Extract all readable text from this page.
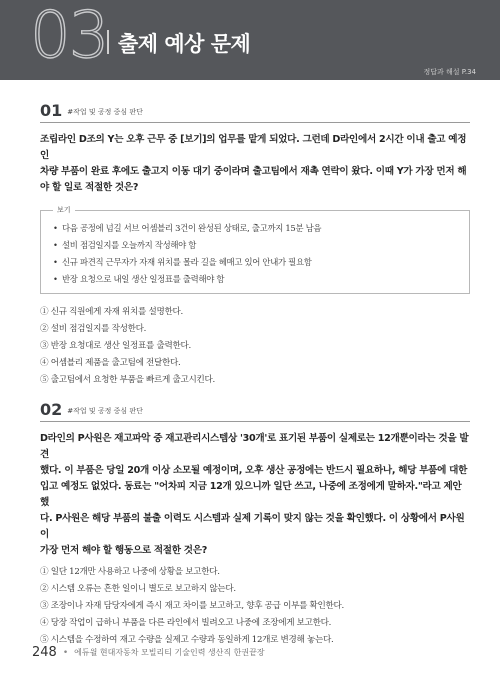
03 출제 예상 문제
정답과 해설 P.34
01 #작업 및 공정 중심 판단
조립라인 D조의 Y는 오후 근무 중 [보기]의 업무를 맡게 되었다. 그런데 D라인에서 2시간 이내 출고 예정인
차량 부품이 완료 후에도 출고지 이동 대기 중이라며 출고팀에서 재촉 연락이 왔다. 이때 Y가 가장 먼저 해
야 할 일로 적절한 것은?
보기
• 다음 공정에 넘길 서브 어셈블리 3건이 완성된 상태로, 출고까지 15분 남음
• 설비 점검일지를 오늘까지 작성해야 함
• 신규 파견직 근무자가 자재 위치를 몰라 길을 헤매고 있어 안내가 필요함
• 반장 요청으로 내일 생산 일정표를 출력해야 함
① 신규 직원에게 자재 위치를 설명한다.
② 설비 점검일지를 작성한다.
③ 반장 요청대로 생산 일정표를 출력한다.
④ 어셈블리 제품을 출고팀에 전달한다.
⑤ 출고팀에서 요청한 부품을 빠르게 출고시킨다.
02 #작업 및 공정 중심 판단
D라인의 P사원은 재고파악 중 재고관리시스템상 '30개'로 표기된 부품이 실제로는 12개뿐이라는 것을 발견
했다. 이 부품은 당일 20개 이상 소모될 예정이며, 오후 생산 공정에는 반드시 필요하나, 해당 부품에 대한
입고 예정도 없었다. 동료는 "어차피 지금 12개 있으니까 일단 쓰고, 나중에 조정에게 말하자."라고 제안했
다. P사원은 해당 부품의 불출 이력도 시스템과 실제 기록이 맞지 않는 것을 확인했다. 이 상황에서 P사원이
가장 먼저 해야 할 행동으로 적절한 것은?
① 일단 12개만 사용하고 나중에 상황을 보고한다.
② 시스템 오류는 흔한 일이니 별도로 보고하지 않는다.
③ 조장이나 자재 담당자에게 즉시 재고 차이를 보고하고, 향후 공급 이부를 확인한다.
④ 당장 작업이 급하니 부품을 다른 라인에서 빌려오고 나중에 조장에게 보고한다.
⑤ 시스템을 수정하여 재고 수량을 실제고 수량과 동일하게 12개로 변경해 놓는다.
248 • 에듀윌 현대자동차 모빌리티 기술인력 생산직 한권끝장
